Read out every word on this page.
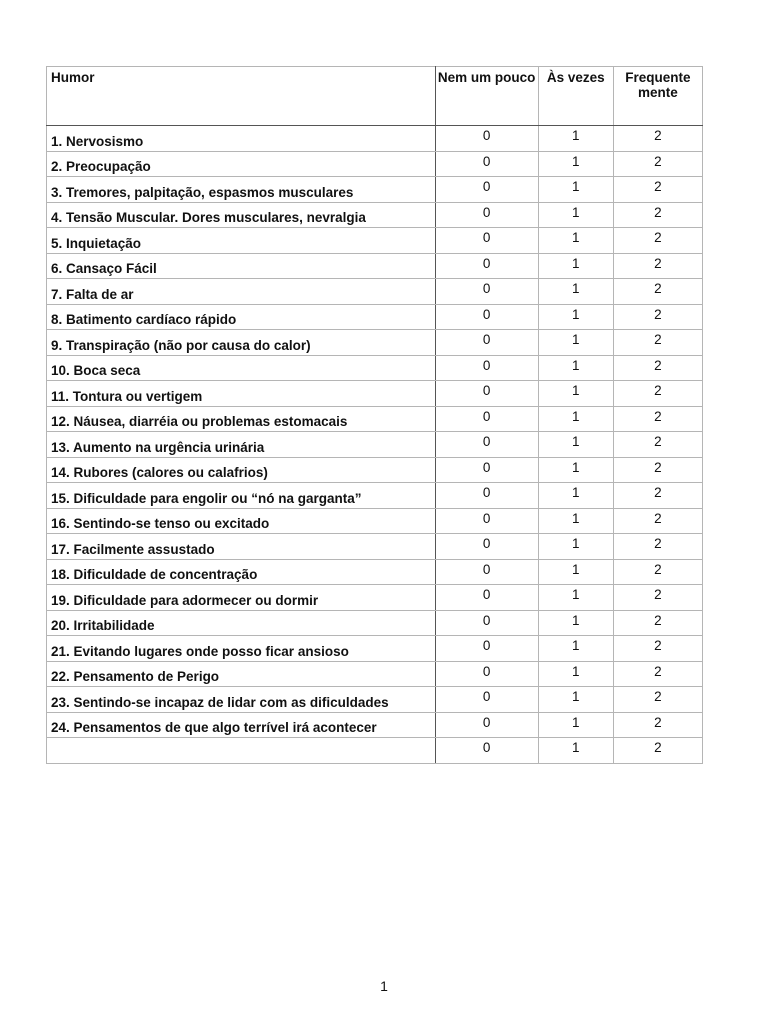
Humor	Nem um pouco	Às vezes	Frequente mente
1. Nervosismo	0	1	2
2. Preocupação	0	1	2
3. Tremores, palpitação, espasmos musculares	0	1	2
4. Tensão Muscular. Dores musculares, nevralgia	0	1	2
5. Inquietação	0	1	2
6. Cansaço Fácil	0	1	2
7. Falta de ar	0	1	2
8. Batimento cardíaco rápido	0	1	2
9. Transpiração (não por causa do calor)	0	1	2
10. Boca seca	0	1	2
11. Tontura ou vertigem	0	1	2
12. Náusea, diarréia ou problemas estomacais	0	1	2
13. Aumento na urgência urinária	0	1	2
14. Rubores (calores ou calafrios)	0	1	2
15. Dificuldade para engolir ou “nó na garganta”	0	1	2
16. Sentindo-se tenso ou excitado	0	1	2
17. Facilmente assustado	0	1	2
18. Dificuldade de concentração	0	1	2
19. Dificuldade para adormecer ou dormir	0	1	2
20. Irritabilidade	0	1	2
21. Evitando lugares onde posso ficar ansioso	0	1	2
22. Pensamento de Perigo	0	1	2
23. Sentindo-se incapaz de lidar com as dificuldades	0	1	2
24. Pensamentos de que algo terrível irá acontecer	0	1	2
	0	1	2
1
